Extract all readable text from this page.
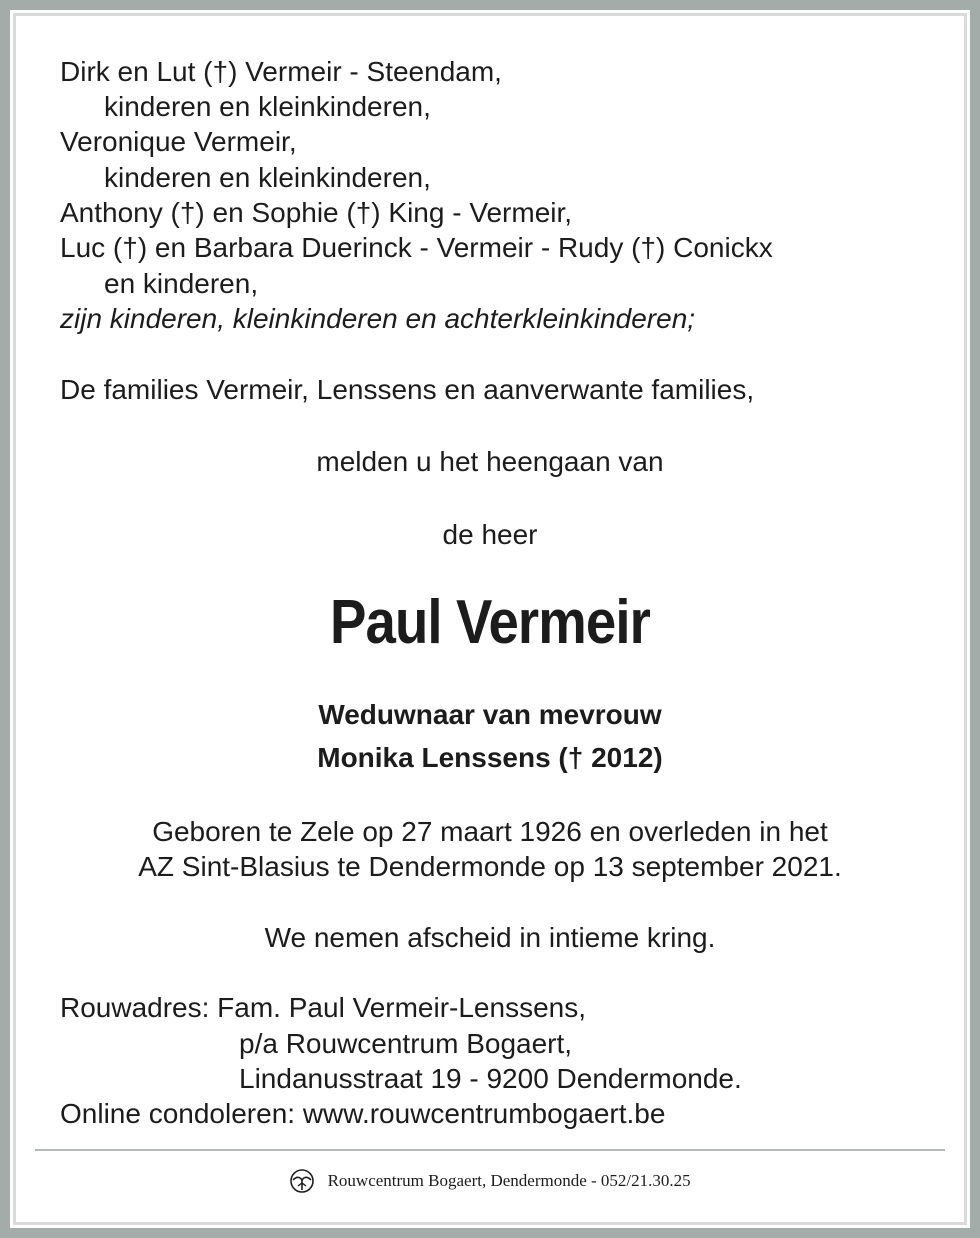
Dirk en Lut (†) Vermeir - Steendam,
kinderen en kleinkinderen,
Veronique Vermeir,
kinderen en kleinkinderen,
Anthony (†) en Sophie (†) King - Vermeir,
Luc (†) en Barbara Duerinck - Vermeir - Rudy (†) Conickx
en kinderen,
zijn kinderen, kleinkinderen en achterkleinkinderen;
De families Vermeir, Lenssens en aanverwante families,
melden u het heengaan van
de heer
Paul Vermeir
Weduwnaar van mevrouw
Monika Lenssens († 2012)
Geboren te Zele op 27 maart 1926 en overleden in het
AZ Sint-Blasius te Dendermonde op 13 september 2021.
We nemen afscheid in intieme kring.
Rouwadres: Fam. Paul Vermeir-Lenssens,
p/a Rouwcentrum Bogaert,
Lindanusstraat 19 - 9200 Dendermonde.
Online condoleren: www.rouwcentrumbogaert.be
Rouwcentrum Bogaert, Dendermonde - 052/21.30.25
